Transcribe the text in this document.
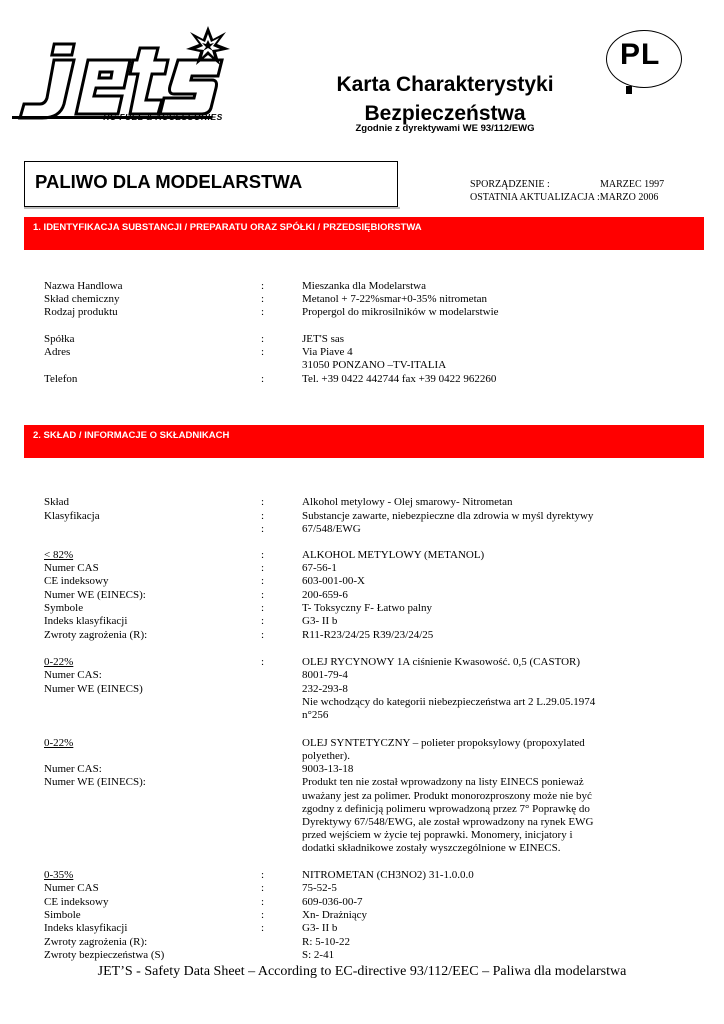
RC FUEL & ACCESSORIES
PL
Karta Charakterystyki
Bezpieczeństwa
Zgodnie z dyrektywami WE 93/112/EWG
PALIWO DLA MODELARSTWA	SPORZĄDZENIE :	MARZEC 1997
OSTATNIA AKTUALIZACJA :MARZO 2006
1. IDENTYFIKACJA SUBSTANCJI / PREPARATU ORAZ SPÓŁKI / PRZEDSIĘBIORSTWA
Nazwa Handlowa	:	Mieszanka dla Modelarstwa
Skład chemiczny	:	Metanol + 7-22%smar+0-35% nitrometan
Rodzaj produktu	:	Propergol do mikrosilników w modelarstwie
Spółka	:	JET'S sas
Adres	:	Via Piave 4
31050 PONZANO –TV-ITALIA
Telefon	:	Tel. +39 0422 442744 fax +39 0422 962260
2. SKŁAD / INFORMACJE O SKŁADNIKACH
Skład	:	Alkohol metylowy - Olej smarowy- Nitrometan
Klasyfikacja	:	Substancje zawarte, niebezpieczne dla zdrowia w myśl dyrektywy
:	67/548/EWG
< 82%	:	ALKOHOL METYLOWY (METANOL)
Numer CAS	:	67-56-1
CE indeksowy	:	603-001-00-X
Numer WE (EINECS):	:	200-659-6
Symbole	:	T- Toksyczny F- Łatwo palny
Indeks klasyfikacji	:	G3- II b
Zwroty zagrożenia (R):	:	R11-R23/24/25 R39/23/24/25
0-22%	:	OLEJ RYCYNOWY 1A ciśnienie Kwasowość. 0,5 (CASTOR)
Numer CAS:	8001-79-4
Numer WE (EINECS)	232-293-8
Nie wchodzący do kategorii niebezpieczeństwa art 2 L.29.05.1974
n°256
0-22%	OLEJ SYNTETYCZNY – polieter propoksylowy (propoxylated
polyether).
Numer CAS:	9003-13-18
Numer WE (EINECS):	Produkt ten nie został wprowadzony na listy EINECS ponieważ
uważany jest za polimer. Produkt monorozproszony może nie być
zgodny z definicją polimeru wprowadzoną przez 7° Poprawkę do
Dyrektywy 67/548/EWG, ale został wprowadzony na rynek EWG
przed wejściem w życie tej poprawki. Monomery, inicjatory i
dodatki składnikowe zostały wyszczególnione w EINECS.
0-35%	:	NITROMETAN (CH3NO2) 31-1.0.0.0
Numer CAS	:	75-52-5
CE indeksowy	:	609-036-00-7
Simbole	:	Xn- Drażniący
Indeks klasyfikacji	:	G3- II b
Zwroty zagrożenia (R):	R: 5-10-22
Zwroty bezpieczeństwa (S)	S: 2-41
JET’S - Safety Data Sheet – According to EC-directive 93/112/EEC – Paliwa dla modelarstwa
